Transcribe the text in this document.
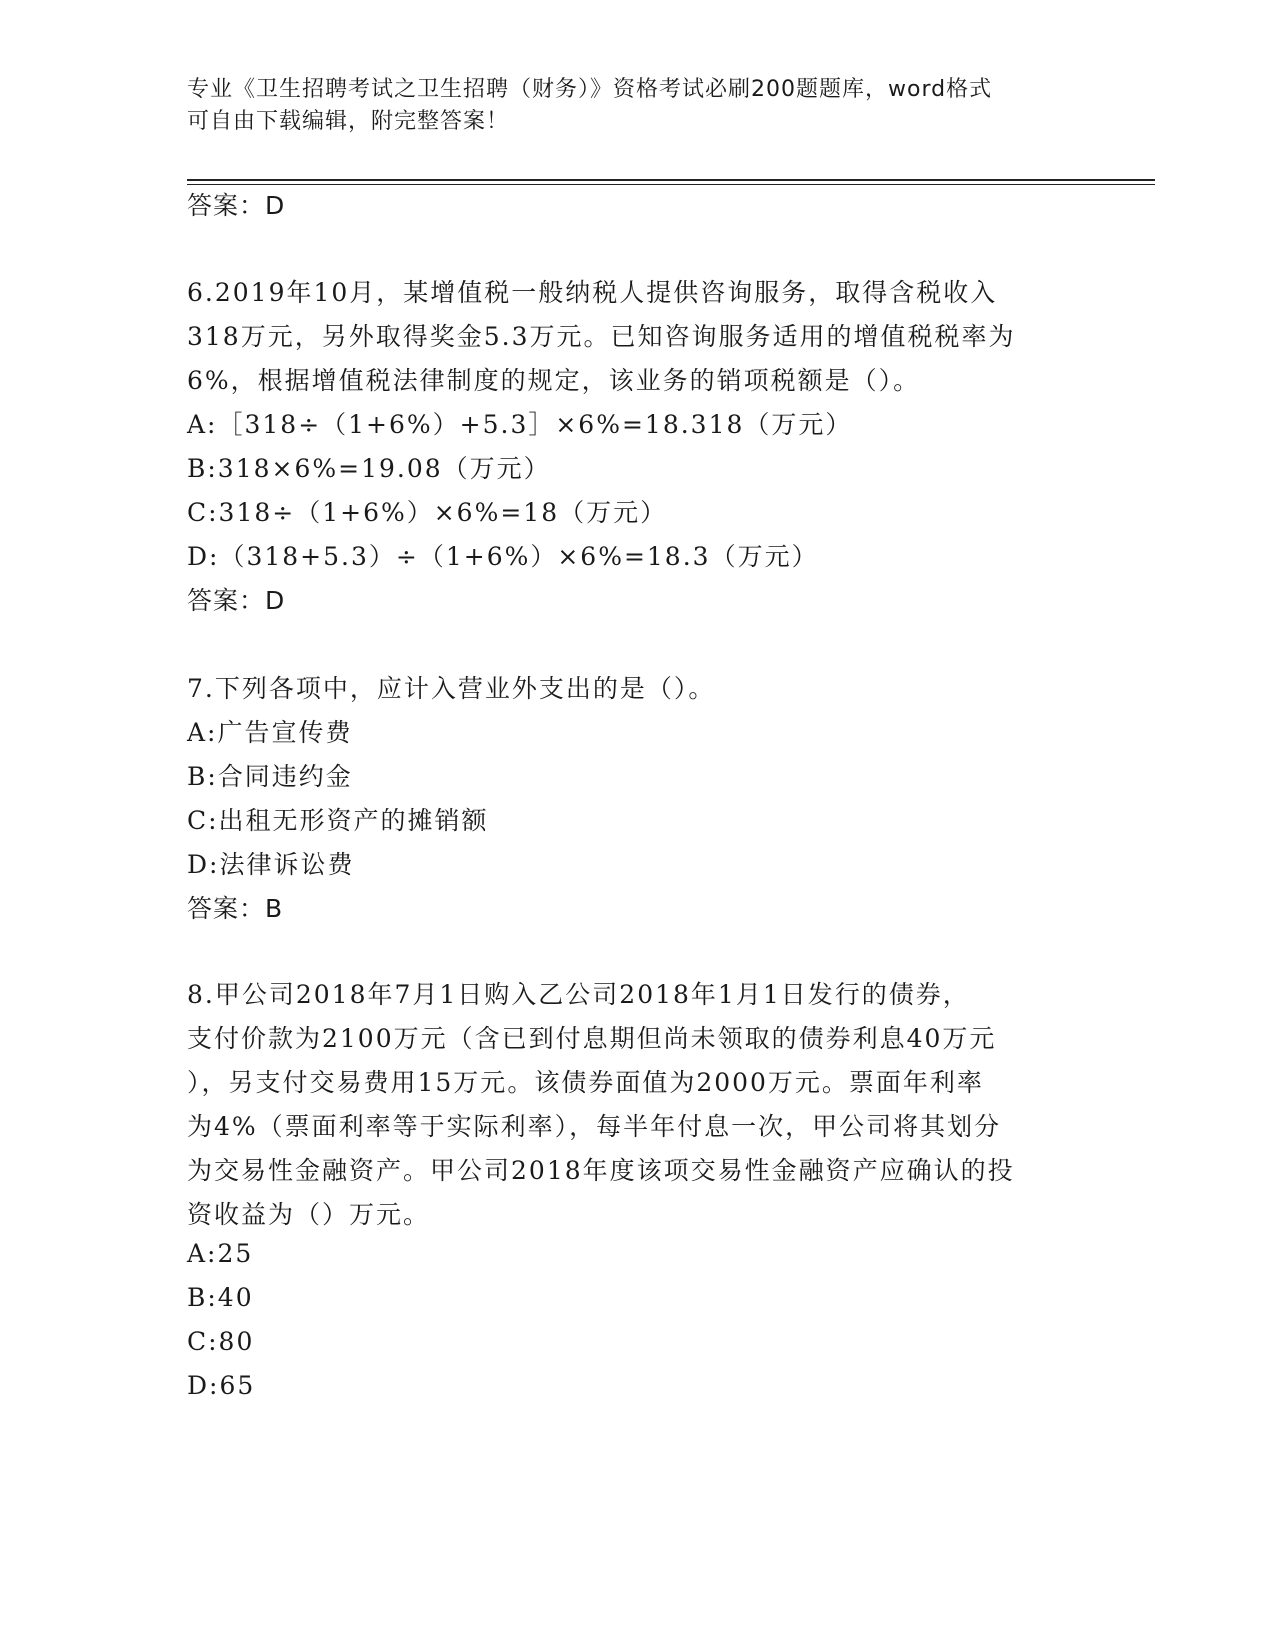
专业《卫生招聘考试之卫生招聘（财务）》资格考试必刷200题题库，word格式
可自由下载编辑，附完整答案！
答案：D
6.2019年10月，某增值税一般纳税人提供咨询服务，取得含税收入
318万元，另外取得奖金5.3万元。已知咨询服务适用的增值税税率为
6%，根据增值税法律制度的规定，该业务的销项税额是（）。
A:［318÷（1+6%）+5.3］×6%=18.318（万元）
B:318×6%=19.08（万元）
C:318÷（1+6%）×6%=18（万元）
D:（318+5.3）÷（1+6%）×6%=18.3（万元）
答案：D
7.下列各项中，应计入营业外支出的是（）。
A:广告宣传费
B:合同违约金
C:出租无形资产的摊销额
D:法律诉讼费
答案：B
8.甲公司2018年7月1日购入乙公司2018年1月1日发行的债券，
支付价款为2100万元（含已到付息期但尚未领取的债券利息40万元
），另支付交易费用15万元。该债券面值为2000万元。票面年利率
为4%（票面利率等于实际利率），每半年付息一次，甲公司将其划分
为交易性金融资产。甲公司2018年度该项交易性金融资产应确认的投
资收益为（）万元。
A:25
B:40
C:80
D:65
